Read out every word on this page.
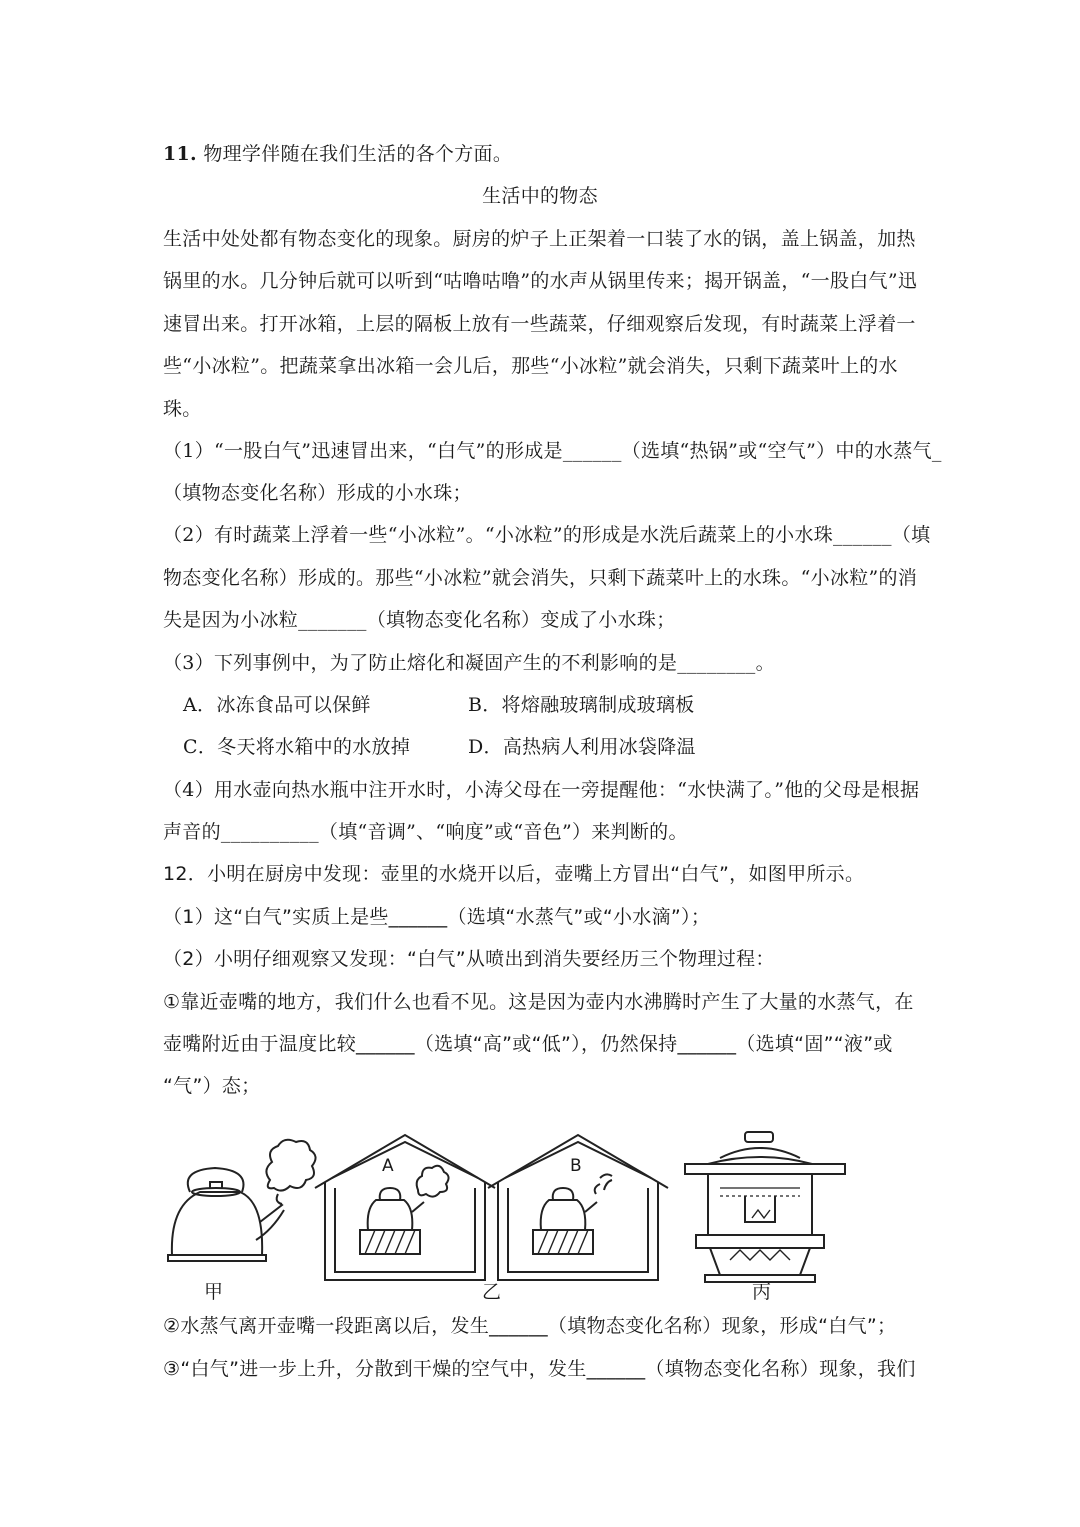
11. 物理学伴随在我们生活的各个方面。
生活中的物态
生活中处处都有物态变化的现象。厨房的炉子上正架着一口装了水的锅，盖上锅盖，加热
锅里的水。几分钟后就可以听到“咕噜咕噜”的水声从锅里传来；揭开锅盖，“一股白气”迅
速冒出来。打开冰箱，上层的隔板上放有一些蔬菜，仔细观察后发现，有时蔬菜上浮着一
些“小冰粒”。把蔬菜拿出冰箱一会儿后，那些“小冰粒”就会消失，只剩下蔬菜叶上的水
珠。
（1）“一股白气”迅速冒出来，“白气”的形成是______（选填“热锅”或“空气”）中的水蒸气_
（填物态变化名称）形成的小水珠；
（2）有时蔬菜上浮着一些“小冰粒”。“小冰粒”的形成是水洗后蔬菜上的小水珠______（填
物态变化名称）形成的。那些“小冰粒”就会消失，只剩下蔬菜叶上的水珠。“小冰粒”的消
失是因为小冰粒_______（填物态变化名称）变成了小水珠；
（3）下列事例中，为了防止熔化和凝固产生的不利影响的是________。
A．冰冻食品可以保鲜	B．将熔融玻璃制成玻璃板
C．冬天将水箱中的水放掉	D．高热病人利用冰袋降温
（4）用水壶向热水瓶中注开水时，小涛父母在一旁提醒他：“水快满了。”他的父母是根据
声音的__________（填“音调”、“响度”或“音色”）来判断的。
12．小明在厨房中发现：壶里的水烧开以后，壶嘴上方冒出“白气”，如图甲所示。
（1）这“白气”实质上是些______（选填“水蒸气”或“小水滴”）；
（2）小明仔细观察又发现：“白气”从喷出到消失要经历三个物理过程：
①靠近壶嘴的地方，我们什么也看不见。这是因为壶内水沸腾时产生了大量的水蒸气，在
壶嘴附近由于温度比较______（选填“高”或“低”），仍然保持______（选填“固”“液”或
“气”）态；
甲	乙	丙
A	B
②水蒸气离开壶嘴一段距离以后，发生______（填物态变化名称）现象，形成“白气”；
③“白气”进一步上升，分散到干燥的空气中，发生______（填物态变化名称）现象，我们
